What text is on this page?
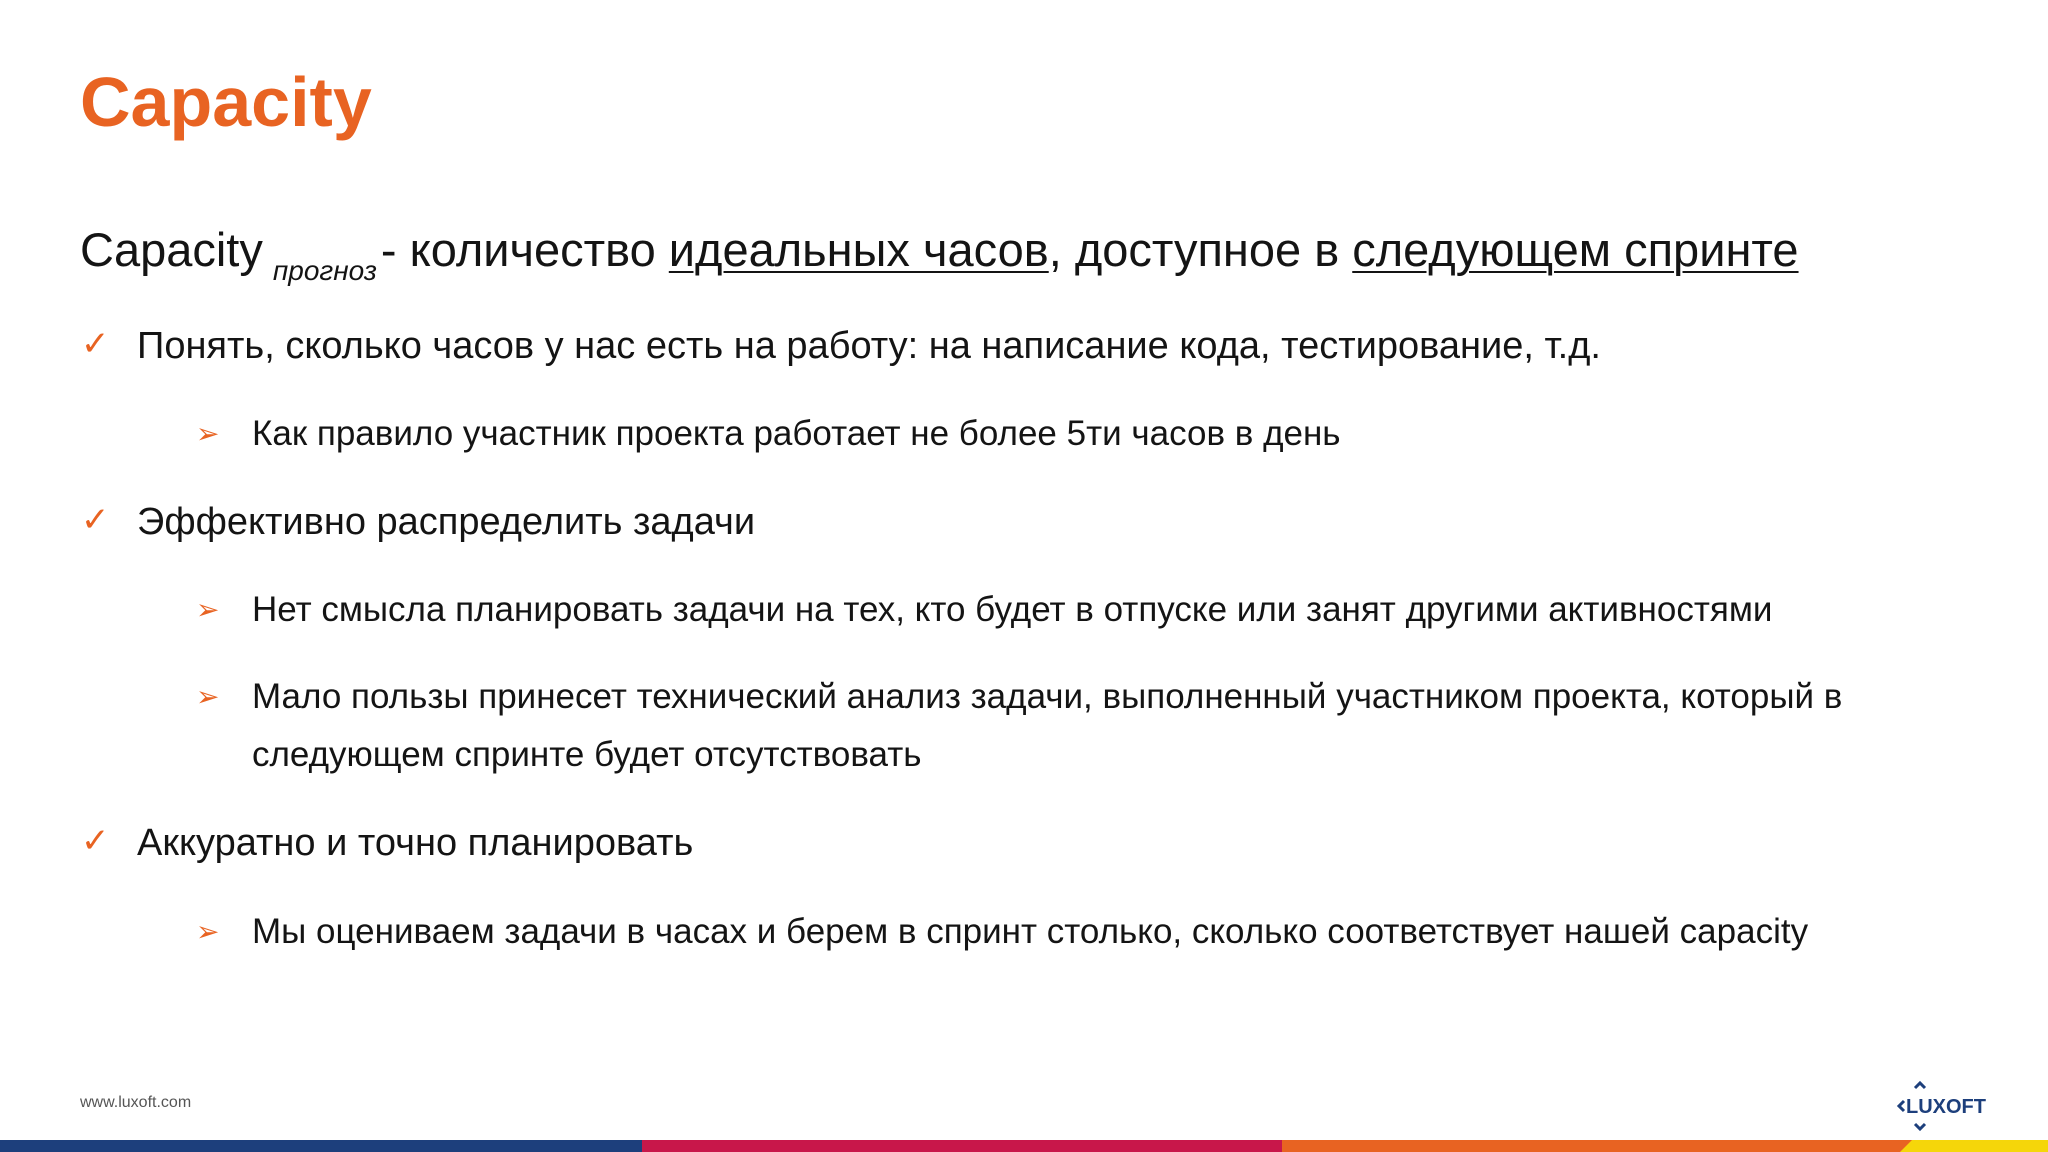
Capacity
Capacity $_{прогноз}$- количество идеальных часов, доступное в следующем спринте
✓ Понять, сколько часов у нас есть на работу: на написание кода, тестирование, т.д.
➢ Как правило участник проекта работает не более 5ти часов в день
✓ Эффективно распределить задачи
➢ Нет смысла планировать задачи на тех, кто будет в отпуске или занят другими активностями
➢ Мало пользы принесет технический анализ задачи, выполненный участником проекта, который в следующем спринте будет отсутствовать
✓ Аккуратно и точно планировать
➢ Мы оцениваем задачи в часах и берем в спринт столько, сколько соответствует нашей capacity
www.luxoft.com	LUXOFT
